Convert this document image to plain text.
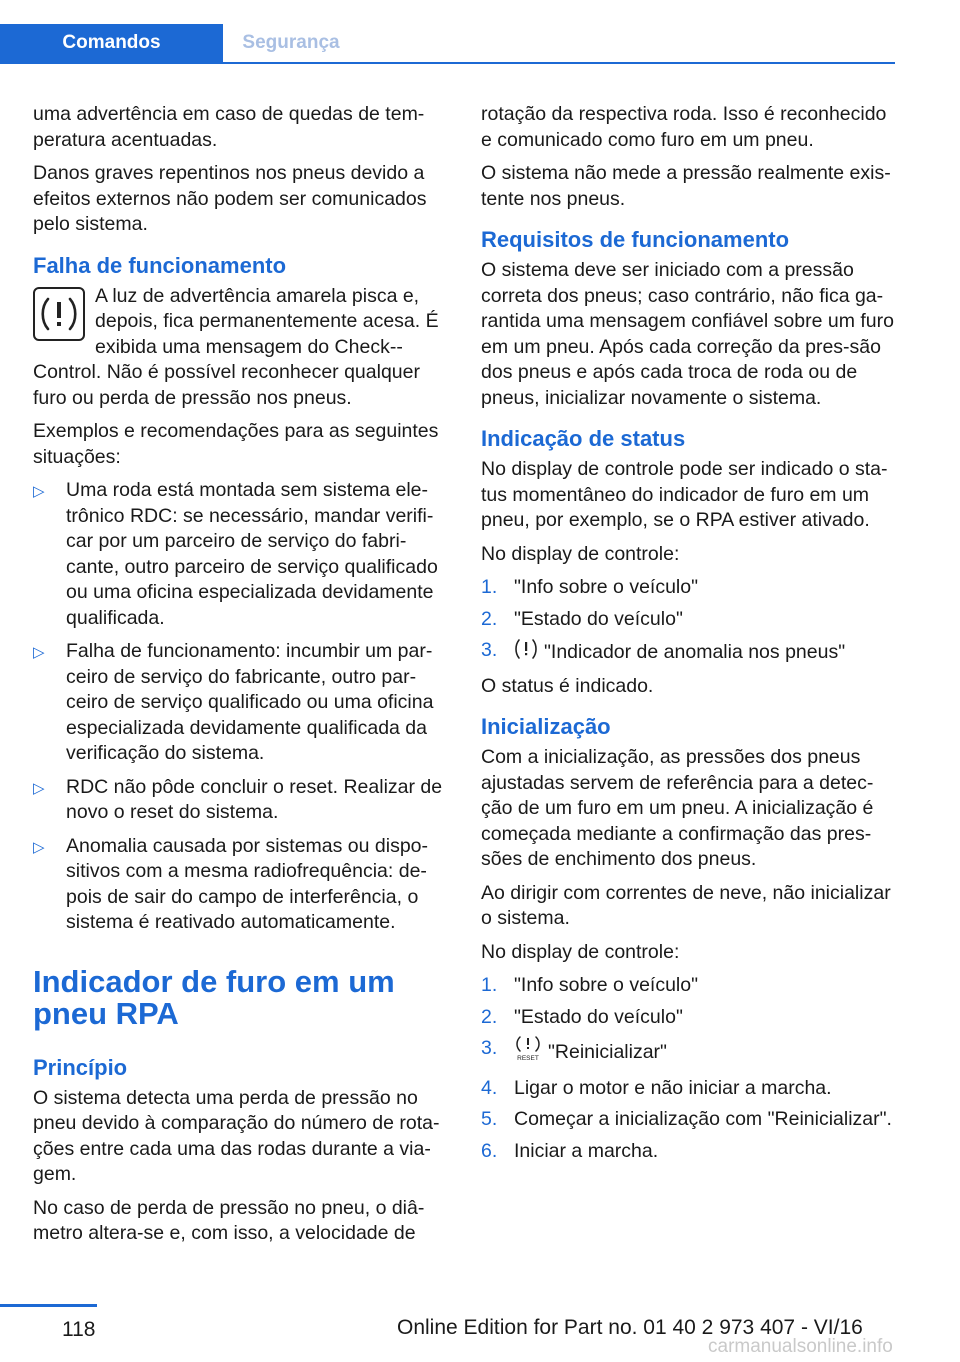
Comandos	Segurança

uma advertência em caso de quedas de tem-peratura acentuadas.

Danos graves repentinos nos pneus devido a efeitos externos não podem ser comunicados pelo sistema.

Falha de funcionamento
A luz de advertência amarela pisca e, depois, fica permanentemente acesa. É exibida uma mensagem do Check--Control. Não é possível reconhecer qualquer furo ou perda de pressão nos pneus.

Exemplos e recomendações para as seguintes situações:

▷ Uma roda está montada sem sistema ele-trônico RDC: se necessário, mandar verifi-car por um parceiro de serviço do fabri-cante, outro parceiro de serviço qualificado ou uma oficina especializada devidamente qualificada.
▷ Falha de funcionamento: incumbir um par-ceiro de serviço do fabricante, outro par-ceiro de serviço qualificado ou uma oficina especializada devidamente qualificada da verificação do sistema.
▷ RDC não pôde concluir o reset. Realizar de novo o reset do sistema.
▷ Anomalia causada por sistemas ou dispo-sitivos com a mesma radiofrequência: de-pois de sair do campo de interferência, o sistema é reativado automaticamente.
Indicador de furo em um pneu RPA
Princípio

O sistema detecta uma perda de pressão no pneu devido à comparação do número de rota-ções entre cada uma das rodas durante a via-gem.

No caso de perda de pressão no pneu, o diâ-metro altera-se e, com isso, a velocidade de

rotação da respectiva roda. Isso é reconhecido e comunicado como furo em um pneu.

O sistema não mede a pressão realmente exis-tente nos pneus.

Requisitos de funcionamento

O sistema deve ser iniciado com a pressão correta dos pneus; caso contrário, não fica ga-rantida uma mensagem confiável sobre um furo em um pneu. Após cada correção da pres-são dos pneus e após cada troca de roda ou de pneus, inicializar novamente o sistema.

Indicação de status

No display de controle pode ser indicado o sta-tus momentâneo do indicador de furo em um pneu, por exemplo, se o RPA estiver ativado.

No display de controle:

1. "Info sobre o veículo"
2. "Estado do veículo"
3. "Indicador de anomalia nos pneus"

O status é indicado.

Inicialização

Com a inicialização, as pressões dos pneus ajustadas servem de referência para a detec-ção de um furo em um pneu. A inicialização é começada mediante a confirmação das pres-sões de enchimento dos pneus.

Ao dirigir com correntes de neve, não inicializar o sistema.

No display de controle:

1. "Info sobre o veículo"
2. "Estado do veículo"
3.	RESET "Reinicializar"
4. Ligar o motor e não iniciar a marcha.
5. Começar a inicialização com "Reinicializar".
6. Iniciar a marcha.
118	Online Edition for Part no. 01 40 2 973 407 - VI/16
carmanualsonline.info
